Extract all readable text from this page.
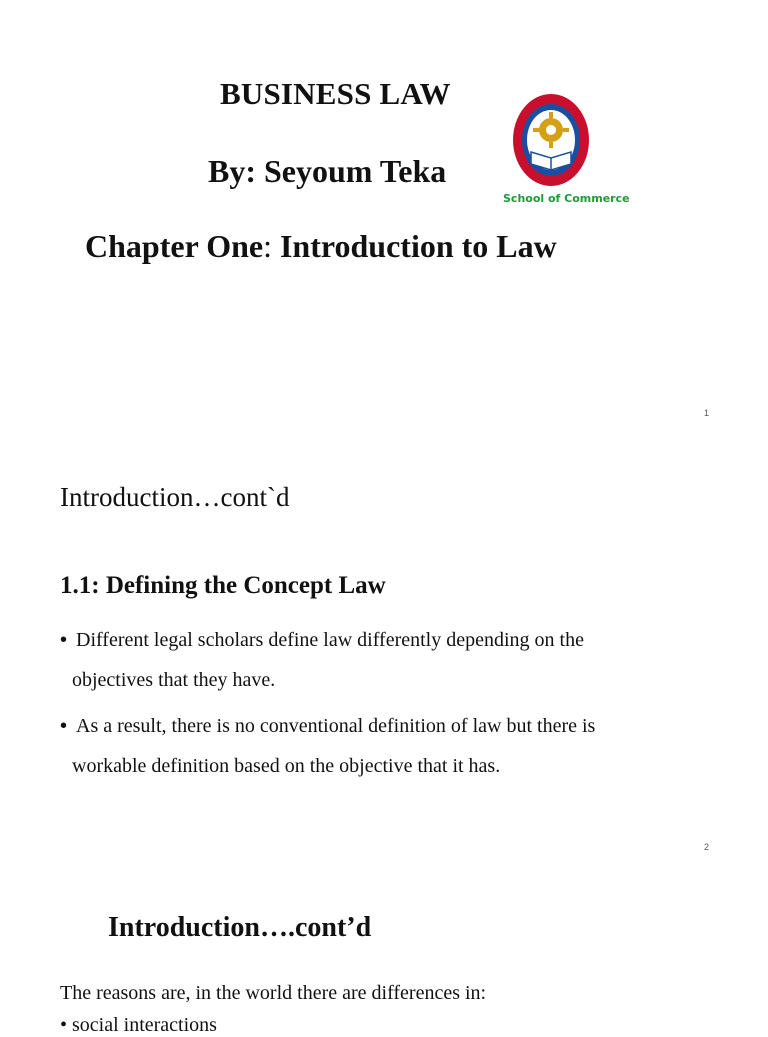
BUSINESS LAW
By: Seyoum Teka
School of Commerce
Chapter One: Introduction to Law
1
Introduction…cont`d
1.1: Defining the Concept Law
• Different legal scholars define law differently depending on the
objectives that they have.
• As a result, there is no conventional definition of law but there is
workable definition based on the objective that it has.
2
Introduction….cont’d

The reasons are, in the world there are differences in:

• social interactions
